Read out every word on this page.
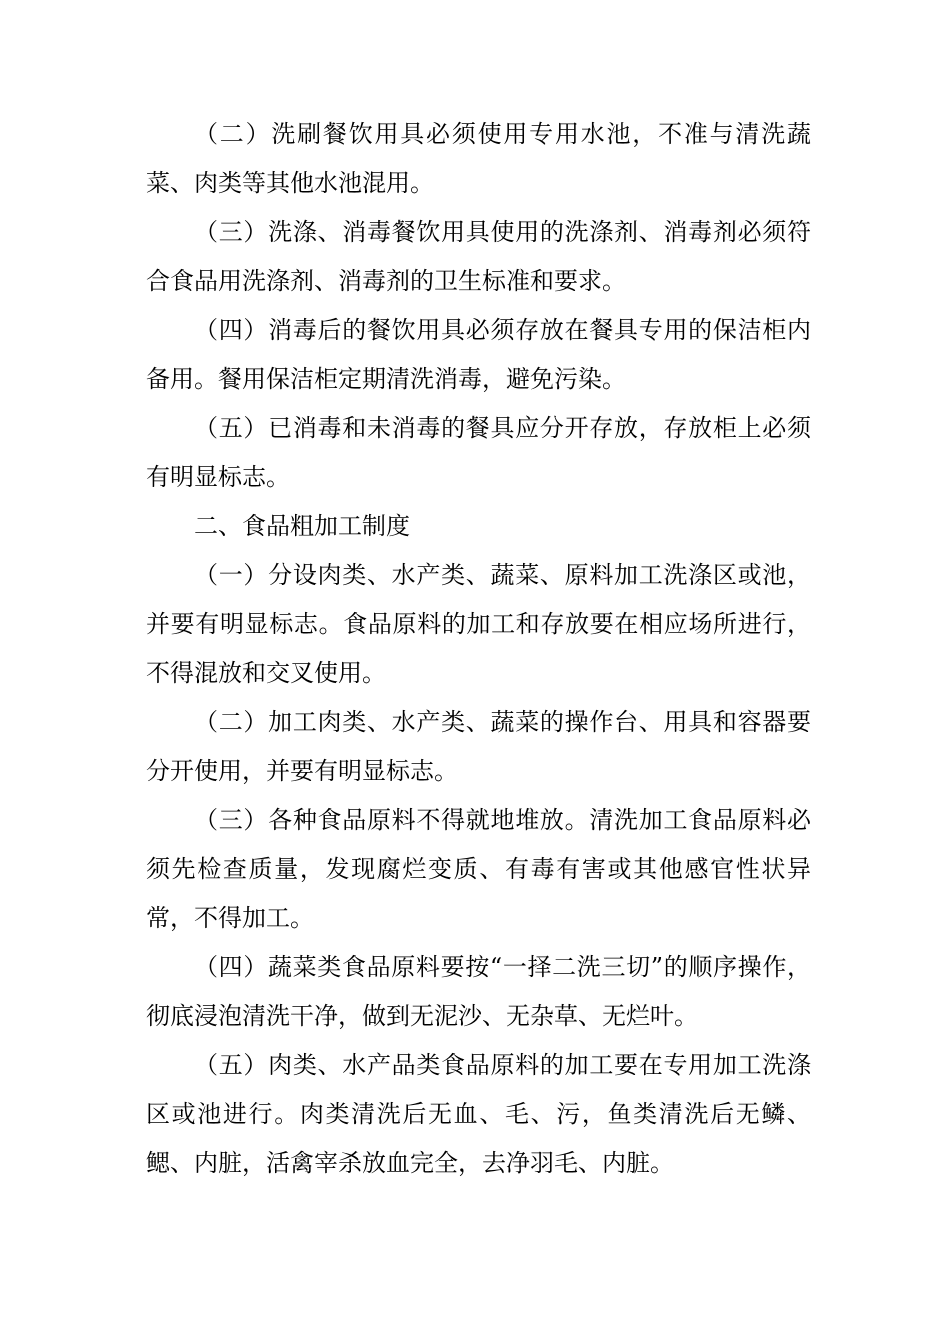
（二）洗刷餐饮用具必须使用专用水池，不准与清洗蔬菜、肉类等其他水池混用。

（三）洗涤、消毒餐饮用具使用的洗涤剂、消毒剂必须符合食品用洗涤剂、消毒剂的卫生标准和要求。

（四）消毒后的餐饮用具必须存放在餐具专用的保洁柜内备用。餐用保洁柜定期清洗消毒，避免污染。

（五）已消毒和未消毒的餐具应分开存放，存放柜上必须有明显标志。

二、食品粗加工制度

（一）分设肉类、水产类、蔬菜、原料加工洗涤区或池，并要有明显标志。食品原料的加工和存放要在相应场所进行，不得混放和交叉使用。

（二）加工肉类、水产类、蔬菜的操作台、用具和容器要分开使用，并要有明显标志。

（三）各种食品原料不得就地堆放。清洗加工食品原料必须先检查质量，发现腐烂变质、有毒有害或其他感官性状异常，不得加工。

（四）蔬菜类食品原料要按“一择二洗三切”的顺序操作，彻底浸泡清洗干净，做到无泥沙、无杂草、无烂叶。

（五）肉类、水产品类食品原料的加工要在专用加工洗涤区或池进行。肉类清洗后无血、毛、污，鱼类清洗后无鳞、鳃、内脏，活禽宰杀放血完全，去净羽毛、内脏。
